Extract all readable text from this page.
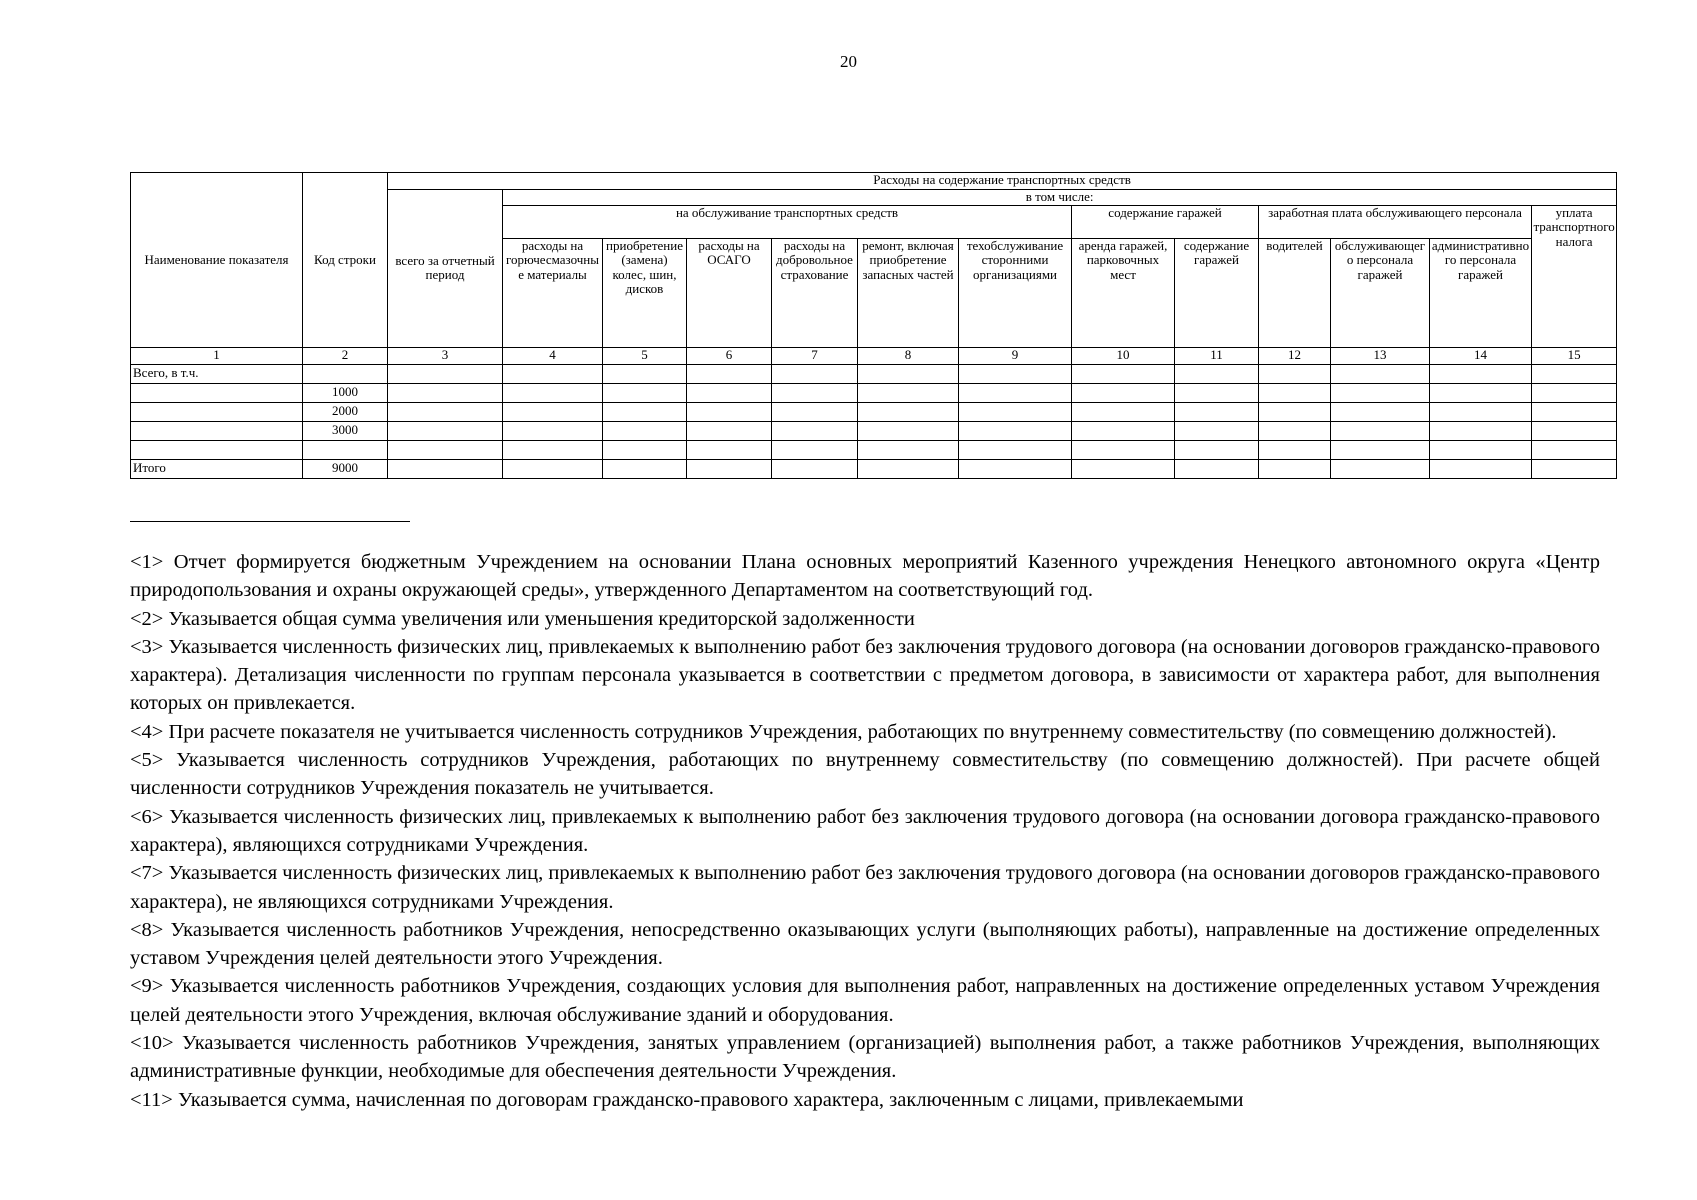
20
Наименование показателя	Код строки	Расходы на содержание транспортных средств												
		всего за отчетный период	в том числе:											
			на обслуживание транспортных средств						содержание гаражей		заработная плата обслуживающего персонала			уплата транспортного налога
			расходы на горючесмазочные материалы	приобретение (замена) колес, шин, дисков	расходы на ОСАГО	расходы на добровольное страхование	ремонт, включая приобретение запасных частей	техобслуживание сторонними организациями	аренда гаражей, парковочных мест	содержание гаражей	водителей	обслуживающего персонала гаражей	административного персонала гаражей	
1	2	3	4	5	6	7	8	9	10	11	12	13	14	15
Всего, в т.ч.														
	1000													
	2000													
	3000													

Итого	9000													

<1> Отчет формируется бюджетным Учреждением на основании Плана основных мероприятий Казенного учреждения Ненецкого автономного округа «Центр природопользования и охраны окружающей среды», утвержденного Департаментом на соответствующий год.

<2> Указывается общая сумма увеличения или уменьшения кредиторской задолженности

<3> Указывается численность физических лиц, привлекаемых к выполнению работ без заключения трудового договора (на основании договоров гражданско-правового характера). Детализация численности по группам персонала указывается в соответствии с предметом договора, в зависимости от характера работ, для выполнения которых он привлекается.

<4> При расчете показателя не учитывается численность сотрудников Учреждения, работающих по внутреннему совместительству (по совмещению должностей).

<5> Указывается численность сотрудников Учреждения, работающих по внутреннему совместительству (по совмещению должностей). При расчете общей численности сотрудников Учреждения показатель не учитывается.

<6> Указывается численность физических лиц, привлекаемых к выполнению работ без заключения трудового договора (на основании договора гражданско-правового характера), являющихся сотрудниками Учреждения.

<7> Указывается численность физических лиц, привлекаемых к выполнению работ без заключения трудового договора (на основании договоров гражданско-правового характера), не являющихся сотрудниками Учреждения.

<8> Указывается численность работников Учреждения, непосредственно оказывающих услуги (выполняющих работы), направленные на достижение определенных уставом Учреждения целей деятельности этого Учреждения.

<9> Указывается численность работников Учреждения, создающих условия для выполнения работ, направленных на достижение определенных уставом Учреждения целей деятельности этого Учреждения, включая обслуживание зданий и оборудования.

<10> Указывается численность работников Учреждения, занятых управлением (организацией) выполнения работ, а также работников Учреждения, выполняющих административные функции, необходимые для обеспечения деятельности Учреждения.

<11> Указывается сумма, начисленная по договорам гражданско-правового характера, заключенным с лицами, привлекаемыми
